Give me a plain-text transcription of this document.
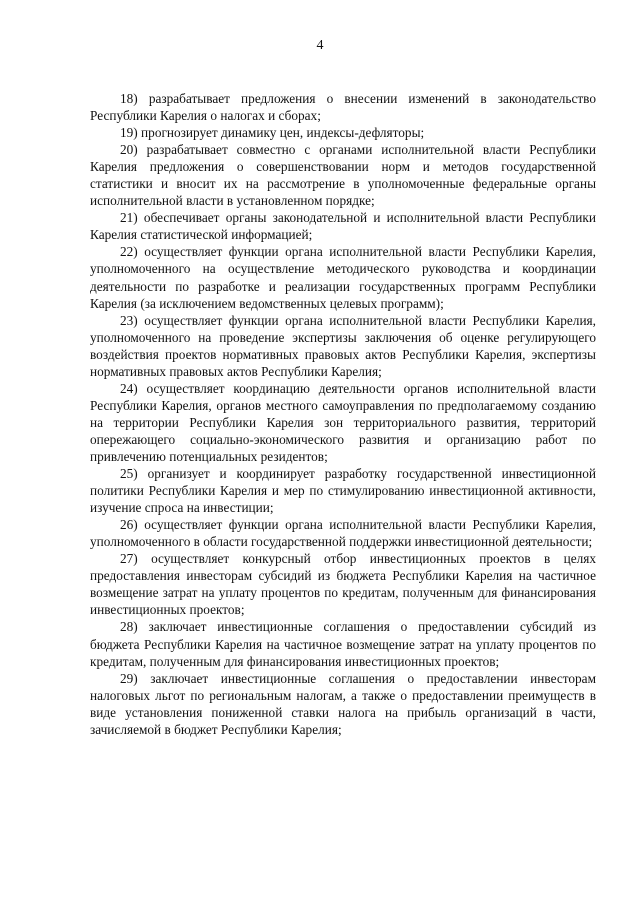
4

18) разрабатывает предложения о внесении изменений в законодательство Республики Карелия о налогах и сборах;

19) прогнозирует динамику цен, индексы-дефляторы;

20) разрабатывает совместно с органами исполнительной власти Республики Карелия предложения о совершенствовании норм и методов государственной статистики и вносит их на рассмотрение в уполномоченные федеральные органы исполнительной власти в установленном порядке;

21) обеспечивает органы законодательной и исполнительной власти Республики Карелия статистической информацией;

22) осуществляет функции органа исполнительной власти Республики Карелия, уполномоченного на осуществление методического руководства и координации деятельности по разработке и реализации государственных программ Республики Карелия (за исключением ведомственных целевых программ);

23) осуществляет функции органа исполнительной власти Республики Карелия, уполномоченного на проведение экспертизы заключения об оценке регулирующего воздействия проектов нормативных правовых актов Республики Карелия, экспертизы нормативных правовых актов Республики Карелия;

24) осуществляет координацию деятельности органов исполнительной власти Республики Карелия, органов местного самоуправления по предполагаемому созданию на территории Республики Карелия зон территориального развития, территорий опережающего социально-экономического развития и организацию работ по привлечению потенциальных резидентов;

25) организует и координирует разработку государственной инвестиционной политики Республики Карелия и мер по стимулированию инвестиционной активности, изучение спроса на инвестиции;

26) осуществляет функции органа исполнительной власти Республики Карелия, уполномоченного в области государственной поддержки инвестиционной деятельности;

27) осуществляет конкурсный отбор инвестиционных проектов в целях предоставления инвесторам субсидий из бюджета Республики Карелия на частичное возмещение затрат на уплату процентов по кредитам, полученным для финансирования инвестиционных проектов;

28) заключает инвестиционные соглашения о предоставлении субсидий из бюджета Республики Карелия на частичное возмещение затрат на уплату процентов по кредитам, полученным для финансирования инвестиционных проектов;

29) заключает инвестиционные соглашения о предоставлении инвесторам налоговых льгот по региональным налогам, а также о предоставлении преимуществ в виде установления пониженной ставки налога на прибыль организаций в части, зачисляемой в бюджет Республики Карелия;
